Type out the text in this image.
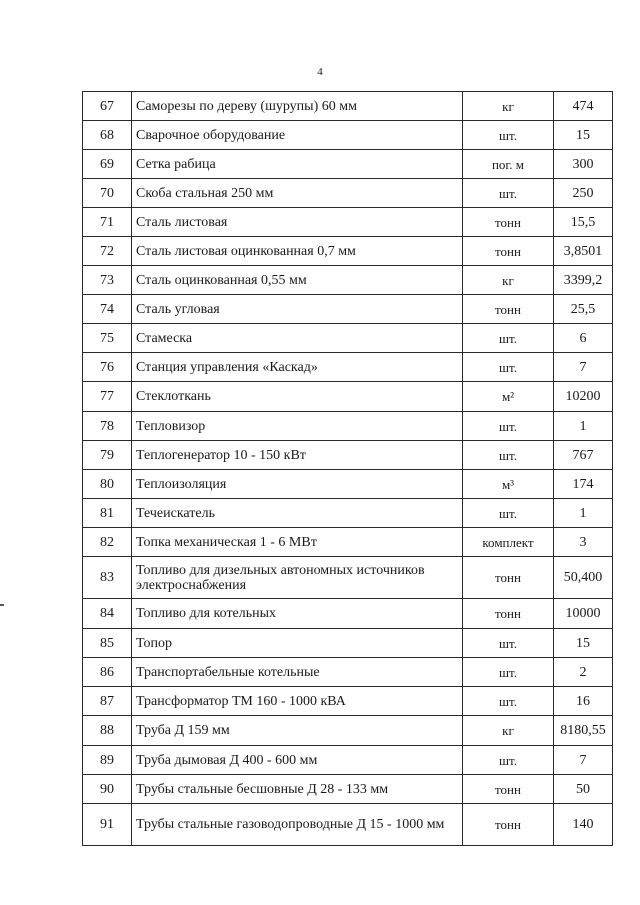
4
67	Саморезы по дереву (шурупы) 60 мм	кг	474
68	Сварочное оборудование	шт.	15
69	Сетка рабица	пог. м	300
70	Скоба стальная 250 мм	шт.	250
71	Сталь листовая	тонн	15,5
72	Сталь листовая оцинкованная 0,7 мм	тонн	3,8501
73	Сталь оцинкованная 0,55 мм	кг	3399,2
74	Сталь угловая	тонн	25,5
75	Стамеска	шт.	6
76	Станция управления «Каскад»	шт.	7
77	Стеклоткань	м²	10200
78	Тепловизор	шт.	1
79	Теплогенератор 10 - 150 кВт	шт.	767
80	Теплоизоляция	м³	174
81	Течеискатель	шт.	1
82	Топка механическая 1 - 6 МВт	комплект	3
83	Топливо для дизельных автономных источников электроснабжения	тонн	50,400
84	Топливо для котельных	тонн	10000
85	Топор	шт.	15
86	Транспортабельные котельные	шт.	2
87	Трансформатор ТМ 160 - 1000 кВА	шт.	16
88	Труба Д 159 мм	кг	8180,55
89	Труба дымовая Д 400 - 600 мм	шт.	7
90	Трубы стальные бесшовные Д 28 - 133 мм	тонн	50
91	Трубы стальные газоводопроводные Д 15 - 1000 мм	тонн	140
